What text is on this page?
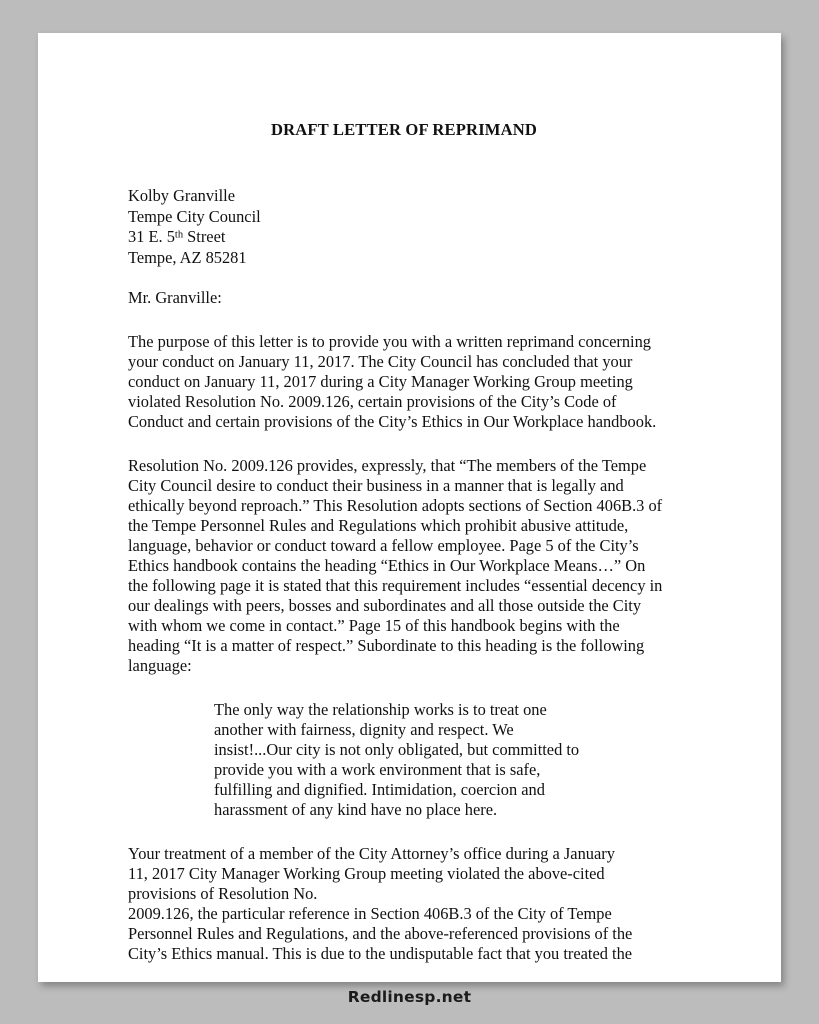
DRAFT LETTER OF REPRIMAND
Kolby Granville
Tempe City Council
31 E. 5th Street
Tempe, AZ 85281
Mr. Granville:

The purpose of this letter is to provide you with a written reprimand concerning
your conduct on January 11, 2017. The City Council has concluded that your
conduct on January 11, 2017 during a City Manager Working Group meeting
violated Resolution No. 2009.126, certain provisions of the City’s Code of
Conduct and certain provisions of the City’s Ethics in Our Workplace handbook.

Resolution No. 2009.126 provides, expressly, that “The members of the Tempe
City Council desire to conduct their business in a manner that is legally and
ethically beyond reproach.” This Resolution adopts sections of Section 406B.3 of
the Tempe Personnel Rules and Regulations which prohibit abusive attitude,
language, behavior or conduct toward a fellow employee. Page 5 of the City’s
Ethics handbook contains the heading “Ethics in Our Workplace Means…” On
the following page it is stated that this requirement includes “essential decency in
our dealings with peers, bosses and subordinates and all those outside the City
with whom we come in contact.” Page 15 of this handbook begins with the
heading “It is a matter of respect.” Subordinate to this heading is the following
language:

The only way the relationship works is to treat one
another with fairness, dignity and respect. We
insist!...Our city is not only obligated, but committed to
provide you with a work environment that is safe,
fulfilling and dignified. Intimidation, coercion and
harassment of any kind have no place here.

Your treatment of a member of the City Attorney’s office during a January
11, 2017 City Manager Working Group meeting violated the above-cited
provisions of Resolution No.
2009.126, the particular reference in Section 406B.3 of the City of Tempe
Personnel Rules and Regulations, and the above-referenced provisions of the
City’s Ethics manual. This is due to the undisputable fact that you treated the

Redlinesp.net
